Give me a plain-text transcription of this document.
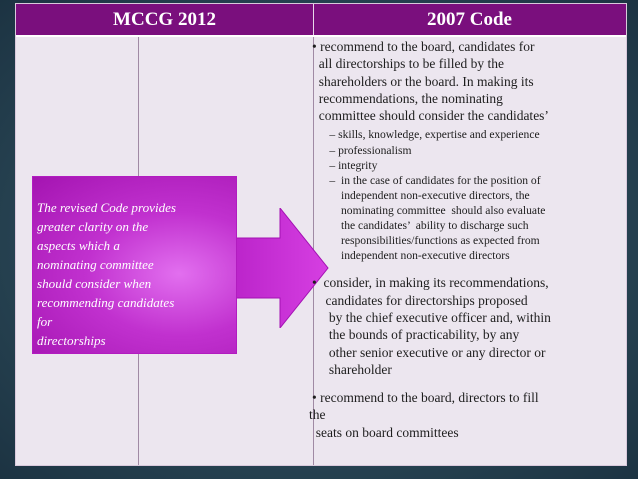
MCCG 2012	2007 Code
The revised Code provides
greater clarity on the
aspects which a
nominating committee
should consider when
recommending candidates
for
directorships
• recommend to the board, candidates for
all directorships to be filled by the
shareholders or the board. In making its
recommendations, the nominating
committee should consider the candidates’
– skills, knowledge, expertise and experience
– professionalism
– integrity
–  in the case of candidates for the position of
independent non-executive directors, the
nominating committee  should also evaluate
the candidates’  ability to discharge such
responsibilities/functions as expected from
independent non-executive directors
•  consider, in making its recommendations,
candidates for directorships proposed
by the chief executive officer and, within
the bounds of practicability, by any
other senior executive or any director or
shareholder
• recommend to the board, directors to fill
the
seats on board committees
